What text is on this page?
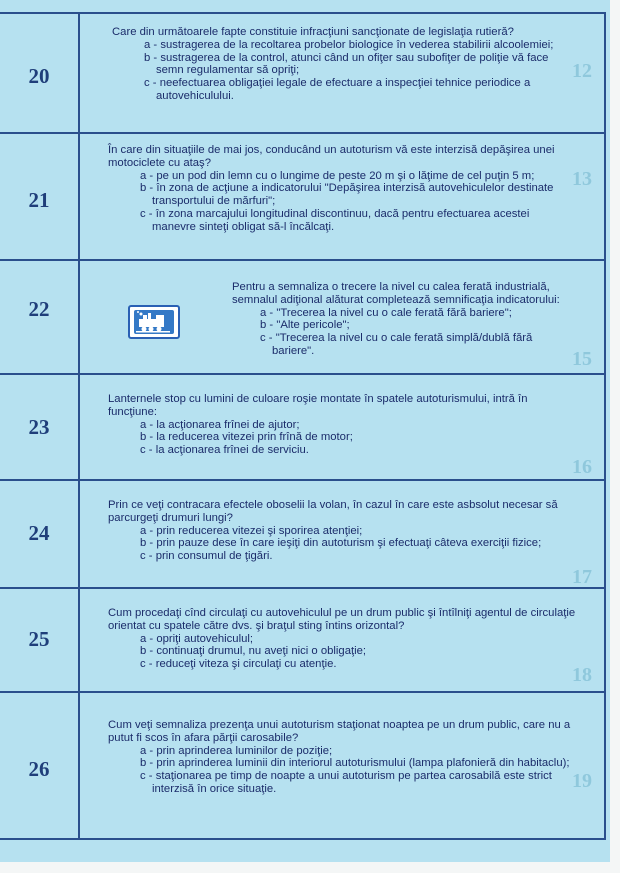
12
13
15
16
17
18
19
20

Care din următoarele fapte constituie infracţiuni sancţionate de legislaţia rutieră?

a - sustragerea de la recoltarea probelor biologice în vederea stabilirii alcoolemiei;

b - sustragerea de la control, atunci când un ofiţer sau subofiţer de poliţie vă face semn regulamentar să opriţi;

c - neefectuarea obligaţiei legale de efectuare a inspecţiei tehnice periodice a autovehiculului.

21

În care din situaţiile de mai jos, conducând un autoturism vă este interzisă depăşirea unei motociclete cu ataş?

a - pe un pod din lemn cu o lungime de peste 20 m şi o lăţime de cel puţin 5 m;

b - în zona de acţiune a indicatorului "Depăşirea interzisă autovehiculelor destinate transportului de mărfuri";

c - în zona marcajului longitudinal discontinuu, dacă pentru efectuarea acestei manevre sinteţi obligat să-l încălcaţi.

22

Pentru a semnaliza o trecere la nivel cu calea ferată industrială, semnalul adiţional alăturat completează semnificaţia indicatorului:

a - "Trecerea la nivel cu o cale ferată fără bariere";

b - "Alte pericole";

c - "Trecerea la nivel cu o cale ferată simplă/dublă fără bariere".

23

Lanternele stop cu lumini de culoare roşie montate în spatele autoturismului, intră în funcţiune:

a - la acţionarea frînei de ajutor;

b - la reducerea vitezei prin frînă de motor;

c - la acţionarea frînei de serviciu.

24

Prin ce veţi contracara efectele oboselii la volan, în cazul în care este asbsolut necesar să parcurgeţi drumuri lungi?

a - prin reducerea vitezei şi sporirea atenţiei;

b - prin pauze dese în care ieşiţi din autoturism şi efectuaţi câteva exerciţii fizice;

c - prin consumul de ţigări.

25

Cum procedaţi cînd circulaţi cu autovehiculul pe un drum public şi întîlniţi agentul de circulaţie orientat cu spatele către dvs. şi braţul sting întins orizontal?

a - opriţi autovehiculul;

b - continuaţi drumul, nu aveţi nici o obligaţie;

c - reduceţi viteza şi circulaţi cu atenţie.

26

Cum veţi semnaliza prezenţa unui autoturism staţionat noaptea pe un drum public, care nu a putut fi scos în afara părţii carosabile?

a - prin aprinderea luminilor de poziţie;

b - prin aprinderea luminii din interiorul autoturismului (lampa plafonieră din habitaclu);

c - staţionarea pe timp de noapte a unui autoturism pe partea carosabilă este strict interzisă în orice situaţie.
